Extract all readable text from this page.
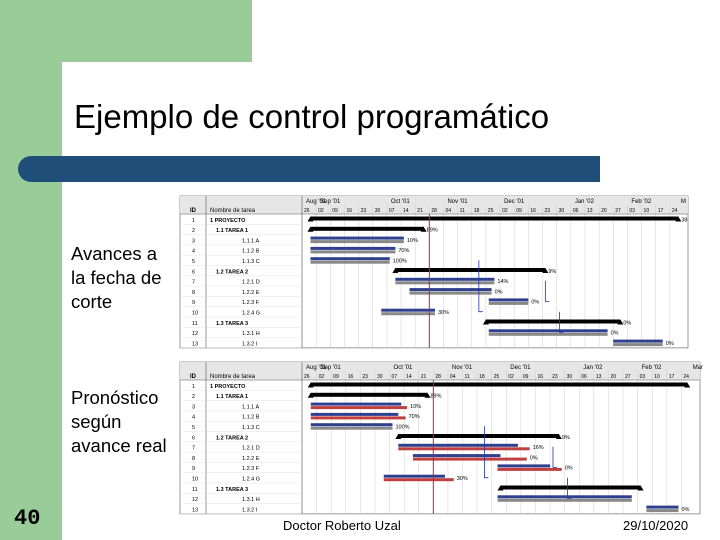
Ejemplo de control programático
Avances a
la fecha de
corte
Pronóstico
según
avance real
ID Nombre de tarea
Aug '01
Sep '01	Oct '01	Nov '01	Dec '01	Jan '02	Feb '02	M
26 02 09 16 23 30 07 14 21 28 04 11 18 25 02 09 16 23 30 06 13 20 27 03 10 17 24
1	1 PROYECTO	38
2	1.1 TAREA 1	89%
3	1.1.1 A	10%
4	1.1.2 B	70%
5	1.1.3 C	100%
6	1.2 TAREA 2	9%
7	1.2.1 D	14%
8	1.2.2 E	0%
9	1.2.3 F	0%
10	1.2.4 G	30%
11	1.3 TAREA 3	0%
12	1.3.1 H	0%
13	1.3.2 I	0%
ID Nombre de tarea
Aug '01
Sep '01	Oct '01	Nov '01	Dec '01	Jan '02	Feb '02	Mar
26 02 09 16 23 30 07 14 21 28 04 11 18 25 02 09 16 23 30 06 13 20 27 03 10 17 24
1	1 PROYECTO
2	1.1 TAREA 1	89%
3	1.1.1 A	10%
4	1.1.2 B	70%
5	1.1.3 C	100%
6	1.2 TAREA 2	9%
7	1.2.1 D	16%
8	1.2.2 E	0%
9	1.2.3 F	0%
10	1.2.4 G	30%
11	1.3 TAREA 3
12	1.3.1 H
13	1.3.2 I	0%
40	Doctor Roberto Uzal	29/10/2020
